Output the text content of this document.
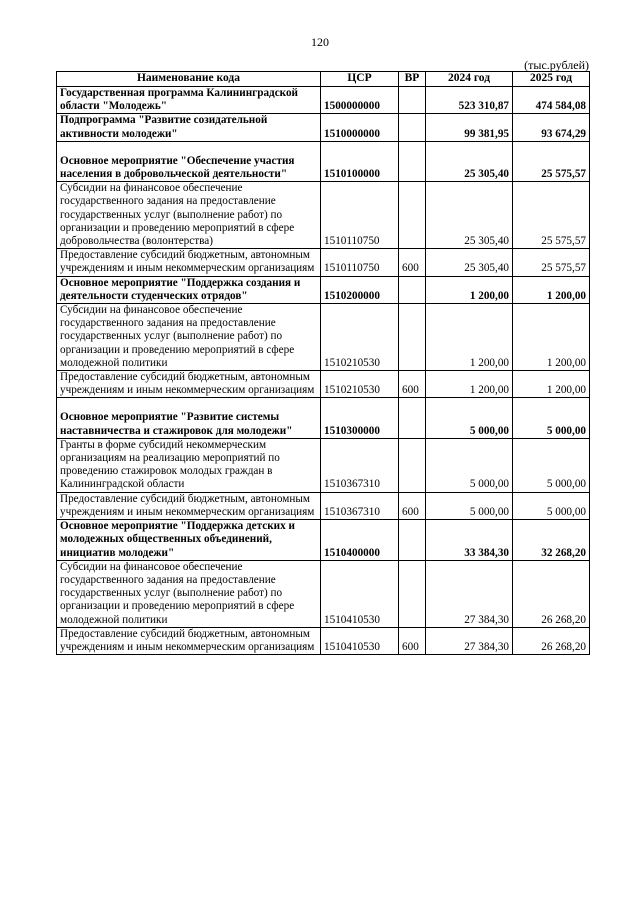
120
(тыс.рублей)
Наименование кода	ЦСР	ВР	2024 год	2025 год
Государственная программа Калининградской области "Молодежь"	1500000000		523 310,87	474 584,08
Подпрограмма "Развитие созидательной активности молодежи"	1510000000		99 381,95	93 674,29
Основное мероприятие "Обеспечение участия населения в добровольческой деятельности"	1510100000		25 305,40	25 575,57
Субсидии на финансовое обеспечение государственного задания на предоставление государственных услуг (выполнение работ) по организации и проведению мероприятий в сфере добровольчества (волонтерства)	1510110750		25 305,40	25 575,57
Предоставление субсидий бюджетным, автономным учреждениям и иным некоммерческим организациям	1510110750	600	25 305,40	25 575,57
Основное мероприятие "Поддержка создания и деятельности студенческих отрядов"	1510200000		1 200,00	1 200,00
Субсидии на финансовое обеспечение государственного задания на предоставление государственных услуг (выполнение работ) по организации и проведению мероприятий в сфере молодежной политики	1510210530		1 200,00	1 200,00
Предоставление субсидий бюджетным, автономным учреждениям и иным некоммерческим организациям	1510210530	600	1 200,00	1 200,00
Основное мероприятие "Развитие системы наставничества и стажировок для молодежи"	1510300000		5 000,00	5 000,00
Гранты в форме субсидий некоммерческим организациям на реализацию мероприятий по проведению стажировок молодых граждан в Калининградской области	1510367310		5 000,00	5 000,00
Предоставление субсидий бюджетным, автономным учреждениям и иным некоммерческим организациям	1510367310	600	5 000,00	5 000,00
Основное мероприятие "Поддержка детских и молодежных общественных объединений, инициатив молодежи"	1510400000		33 384,30	32 268,20
Субсидии на финансовое обеспечение государственного задания на предоставление государственных услуг (выполнение работ) по организации и проведению мероприятий в сфере молодежной политики	1510410530		27 384,30	26 268,20
Предоставление субсидий бюджетным, автономным учреждениям и иным некоммерческим организациям	1510410530	600	27 384,30	26 268,20
